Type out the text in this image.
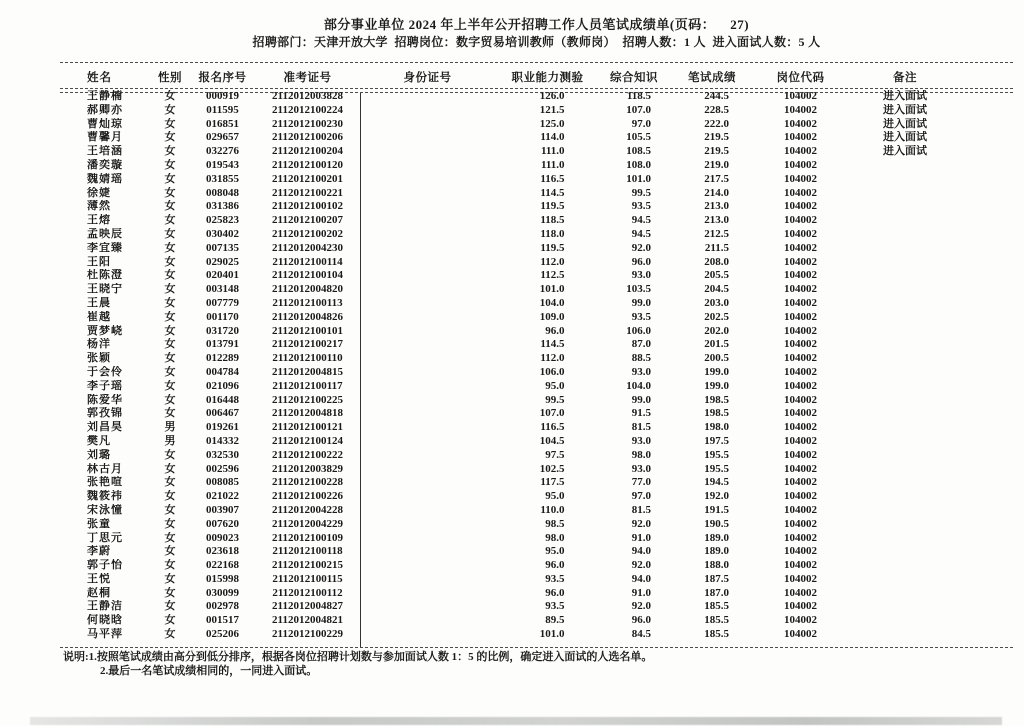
部分事业单位 2024 年上半年公开招聘工作人员笔试成绩单(页码：    27)
招聘部门：天津开放大学  招聘岗位：数字贸易培训教师（教师岗）  招聘人数：1 人  进入面试人数：5 人
姓名	性别	报名序号	准考证号	身份证号	职业能力测验	综合知识	笔试成绩	岗位代码	备注
王静楠	女	000919	2112012003828		126.0	118.5	244.5	104002	进入面试
郝卿亦	女	011595	2112012100224		121.5	107.0	228.5	104002	进入面试
曹灿琼	女	016851	2112012100230		125.0	97.0	222.0	104002	进入面试
曹馨月	女	029657	2112012100206		114.0	105.5	219.5	104002	进入面试
王培涵	女	032276	2112012100204		111.0	108.5	219.5	104002	进入面试
潘奕璇	女	019543	2112012100120		111.0	108.0	219.0	104002	
魏婧瑶	女	031855	2112012100201		116.5	101.0	217.5	104002	
徐婕	女	008048	2112012100221		114.5	99.5	214.0	104002	
薄然	女	031386	2112012100102		119.5	93.5	213.0	104002	
王熔	女	025823	2112012100207		118.5	94.5	213.0	104002	
孟映辰	女	030402	2112012100202		118.0	94.5	212.5	104002	
李宜臻	女	007135	2112012004230		119.5	92.0	211.5	104002	
王阳	女	029025	2112012100114		112.0	96.0	208.0	104002	
杜陈澄	女	020401	2112012100104		112.5	93.0	205.5	104002	
王晓宁	女	003148	2112012004820		101.0	103.5	204.5	104002	
王晨	女	007779	2112012100113		104.0	99.0	203.0	104002	
崔越	女	001170	2112012004826		109.0	93.5	202.5	104002	
贾梦峣	女	031720	2112012100101		96.0	106.0	202.0	104002	
杨洋	女	013791	2112012100217		114.5	87.0	201.5	104002	
张颖	女	012289	2112012100110		112.0	88.5	200.5	104002	
于会伶	女	004784	2112012004815		106.0	93.0	199.0	104002	
李子瑶	女	021096	2112012100117		95.0	104.0	199.0	104002	
陈爱华	女	016448	2112012100225		99.5	99.0	198.5	104002	
郭孜锦	女	006467	2112012004818		107.0	91.5	198.5	104002	
刘昌昊	男	019261	2112012100121		116.5	81.5	198.0	104002	
樊凡	男	014332	2112012100124		104.5	93.0	197.5	104002	
刘璐	女	032530	2112012100222		97.5	98.0	195.5	104002	
林古月	女	002596	2112012003829		102.5	93.0	195.5	104002	
张艳喧	女	008085	2112012100228		117.5	77.0	194.5	104002	
魏筱祎	女	021022	2112012100226		95.0	97.0	192.0	104002	
宋泳憧	女	003907	2112012004228		110.0	81.5	191.5	104002	
张童	女	007620	2112012004229		98.5	92.0	190.5	104002	
丁思元	女	009023	2112012100109		98.0	91.0	189.0	104002	
李蔚	女	023618	2112012100118		95.0	94.0	189.0	104002	
郭子怡	女	022168	2112012100215		96.0	92.0	188.0	104002	
王悦	女	015998	2112012100115		93.5	94.0	187.5	104002	
赵桐	女	030099	2112012100112		96.0	91.0	187.0	104002	
王静洁	女	002978	2112012004827		93.5	92.0	185.5	104002	
何晓晗	女	001517	2112012004821		89.5	96.0	185.5	104002	
马平萍	女	025206	2112012100229		101.0	84.5	185.5	104002	
说明:1.按照笔试成绩由高分到低分排序，根据各岗位招聘计划数与参加面试人数 1：5 的比例，确定进入面试的人选名单。
2.最后一名笔试成绩相同的，一同进入面试。
